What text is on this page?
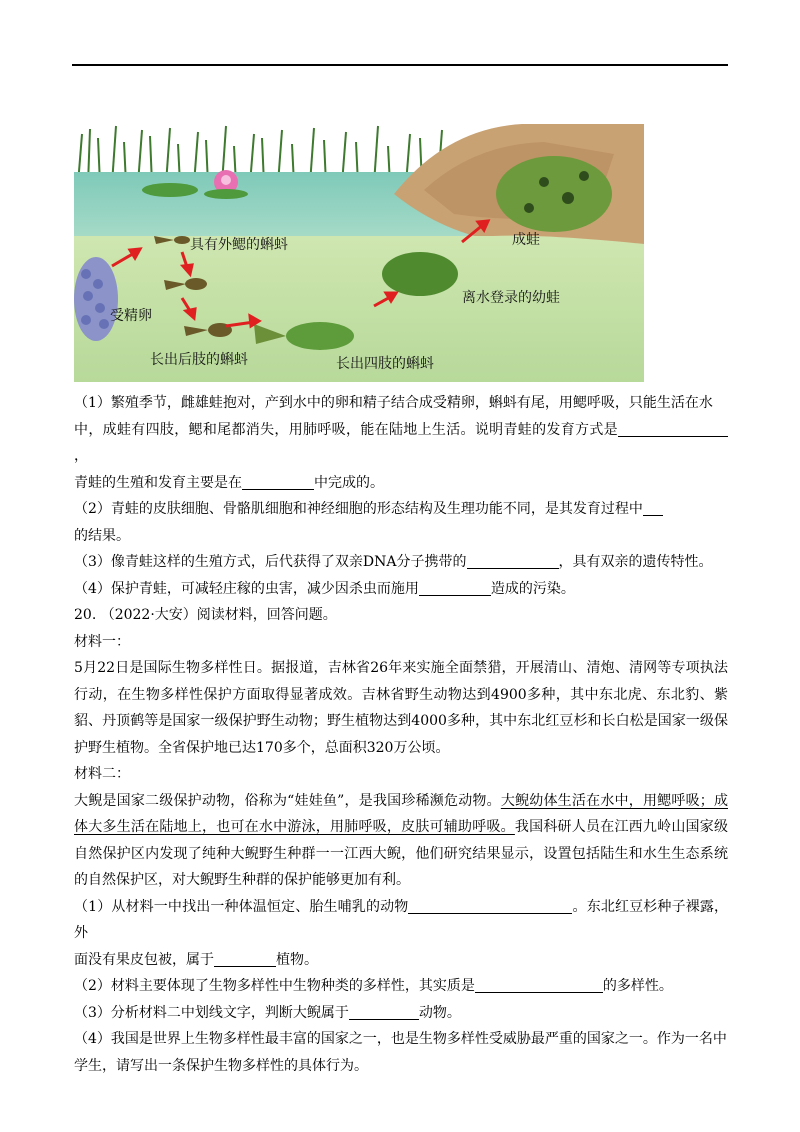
具有外鳃的蝌蚪	成蛙
离水登录的幼蛙
受精卵
长出后肢的蝌蚪	长出四肢的蝌蚪

（1）繁殖季节，雌雄蛙抱对，产到水中的卵和精子结合成受精卵，蝌蚪有尾，用鳃呼吸，只能生活在水
中，成蛙有四肢，鳃和尾都消失，用肺呼吸，能在陆地上生活。说明青蛙的发育方式是，
青蛙的生殖和发育主要是在	中完成的。

（2）青蛙的皮肤细胞、骨骼肌细胞和神经细胞的形态结构及生理功能不同，是其发育过程中
的结果。

（3）像青蛙这样的生殖方式，后代获得了双亲DNA分子携带的	，具有双亲的遗传特性。

（4）保护青蛙，可减轻庄稼的虫害，减少因杀虫而施用	造成的污染。

20. （2022·大安）阅读材料，回答问题。

材料一：

5月22日是国际生物多样性日。据报道，吉林省26年来实施全面禁猎，开展清山、清炮、清网等专项执法行动，在生物多样性保护方面取得显著成效。吉林省野生动物达到4900多种，其中东北虎、东北豹、紫貂、丹顶鹤等是国家一级保护野生动物；野生植物达到4000多种，其中东北红豆杉和长白松是国家一级保护野生植物。全省保护地已达170多个，总面积320万公顷。

材料二：

大鲵是国家二级保护动物，俗称为“娃娃鱼”，是我国珍稀濒危动物。大鲵幼体生活在水中，用鳃呼吸；成体大多生活在陆地上，也可在水中游泳，用肺呼吸，皮肤可辅助呼吸。我国科研人员在江西九岭山国家级自然保护区内发现了纯种大鲵野生种群一一江西大鲵，他们研究结果显示，设置包括陆生和水生生态系统的自然保护区，对大鲵野生种群的保护能够更加有利。

（1）从材料一中找出一种体温恒定、胎生哺乳的动物	。东北红豆杉种子裸露，外
面没有果皮包被，属于	植物。

（2）材料主要体现了生物多样性中生物种类的多样性，其实质是	的多样性。

（3）分析材料二中划线文字，判断大鲵属于	动物。

（4）我国是世界上生物多样性最丰富的国家之一，也是生物多样性受威胁最严重的国家之一。作为一名中
学生，请写出一条保护生物多样性的具体行为。
